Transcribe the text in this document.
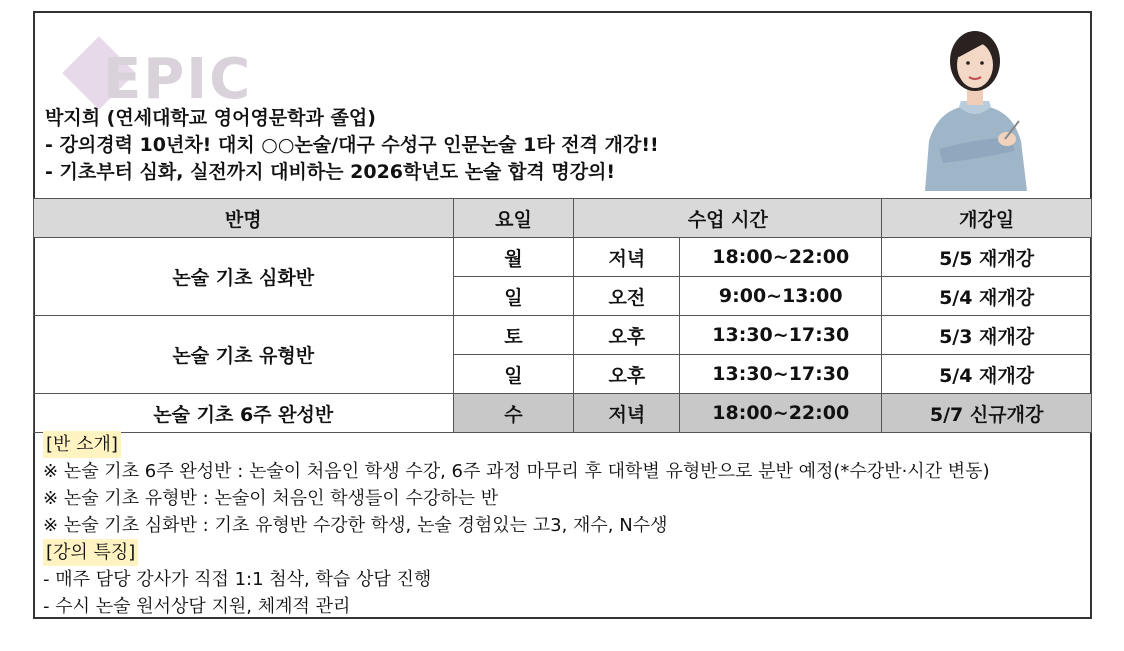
EPIC
박지희 (연세대학교 영어영문학과 졸업)
- 강의경력 10년차! 대치 ○○논술/대구 수성구 인문논술 1타 전격 개강!!
- 기초부터 심화, 실전까지 대비하는 2026학년도 논술 합격 명강의!
반명	요일	수업 시간		개강일
논술 기초 심화반	월	저녁	18:00~22:00	5/5 재개강
	일	오전	9:00~13:00	5/4 재개강
논술 기초 유형반	토	오후	13:30~17:30	5/3 재개강
	일	오후	13:30~17:30	5/4 재개강
논술 기초 6주 완성반	수	저녁	18:00~22:00	5/7 신규개강
[반 소개]
※ 논술 기초 6주 완성반 : 논술이 처음인 학생 수강, 6주 과정 마무리 후 대학별 유형반으로 분반 예정(*수강반·시간 변동)
※ 논술 기초 유형반 : 논술이 처음인 학생들이 수강하는 반
※ 논술 기초 심화반 : 기초 유형반 수강한 학생, 논술 경험있는 고3, 재수, N수생
[강의 특징]
- 매주 담당 강사가 직접 1:1 첨삭, 학습 상담 진행
- 수시 논술 원서상담 지원, 체계적 관리
